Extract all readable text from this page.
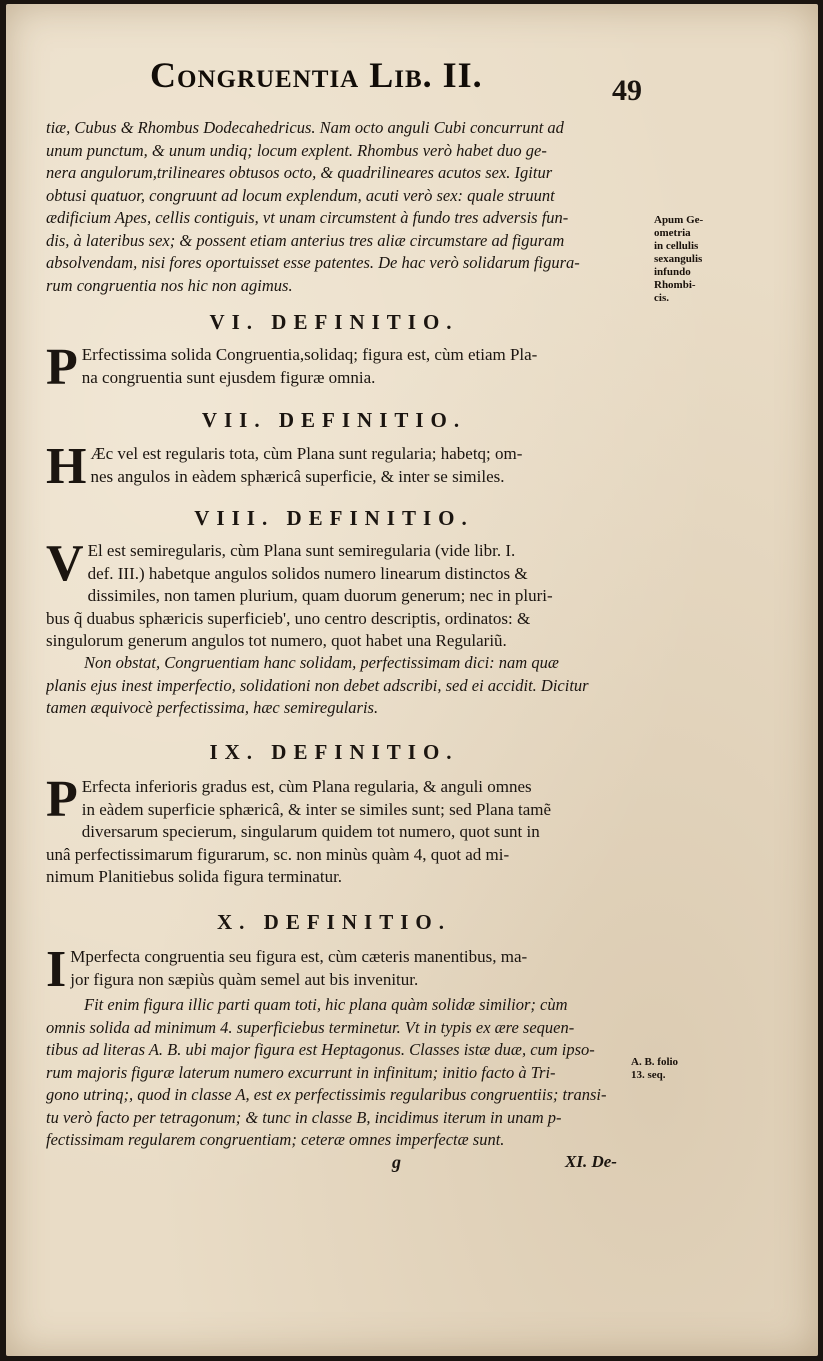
Congruentia Lib. II.	49
tiæ, Cubus & Rhombus Dodecahedricus. Nam octo anguli Cubi concurrunt ad
unum punctum, & unum undiq; locum explent. Rhombus verò habet duo ge-
nera angulorum,trilineares obtusos octo, & quadrilineares acutos sex. Igitur
obtusi quatuor, congruunt ad locum explendum, acuti verò sex: quale struunt
ædificium Apes, cellis contiguis, vt unam circumstent à fundo tres adversis fun-
dis, à lateribus sex; & possent etiam anterius tres aliæ circumstare ad figuram
absolvendam, nisi fores oportuisset esse patentes. De hac verò solidarum figura-
rum congruentia nos hic non agimus.
Apum Ge-
ometria
in cellulis
sexangulis
infundo
Rhombi-
cis.
VI. DEFINITIO.
P Erfectissima solida Congruentia,solidaq; figura est, cùm etiam Pla-
na congruentia sunt ejusdem figuræ omnia.
VII. DEFINITIO.
H Æc vel est regularis tota, cùm Plana sunt regularia; habetq; om-
nes angulos in eàdem sphæricâ superficie, & inter se similes.
VIII. DEFINITIO.
V El est semiregularis, cùm Plana sunt semiregularia (vide libr. I.
def. III.) habetque angulos solidos numero linearum distinctos &
dissimiles, non tamen plurium, quam duorum generum; nec in pluri-
bus q̃ duabus sphæricis superficieb', uno centro descriptis, ordinatos: &
singulorum generum angulos tot numero, quot habet una Regulariũ.
Non obstat, Congruentiam hanc solidam, perfectissimam dici: nam quæ
planis ejus inest imperfectio, solidationi non debet adscribi, sed ei accidit. Dicitur
tamen æquivocè perfectissima, hæc semiregularis.
IX. DEFINITIO.
P Erfecta inferioris gradus est, cùm Plana regularia, & anguli omnes
in eàdem superficie sphæricâ, & inter se similes sunt; sed Plana tamẽ
diversarum specierum, singularum quidem tot numero, quot sunt in
unâ perfectissimarum figurarum, sc. non minùs quàm 4, quot ad mi-
nimum Planitiebus solida figura terminatur.
X. DEFINITIO.
I Mperfecta congruentia seu figura est, cùm cæteris manentibus, ma-
jor figura non sæpiùs quàm semel aut bis invenitur.
Fit enim figura illic parti quam toti, hic plana quàm solidæ similior; cùm
omnis solida ad minimum 4. superficiebus terminetur. Vt in typis ex ære sequen-
tibus ad literas A. B. ubi major figura est Heptagonus. Classes istæ duæ, cum ipso-
rum majoris figuræ laterum numero excurrunt in infinitum; initio facto à Tri-
gono utrinq;, quod in classe A, est ex perfectissimis regularibus congruentiis; transi-
tu verò facto per tetragonum; & tunc in classe B, incidimus iterum in unam p-
fectissimam regularem congruentiam; ceteræ omnes imperfectæ sunt.
A. B. folio
13. seq.
g	XI. De-
